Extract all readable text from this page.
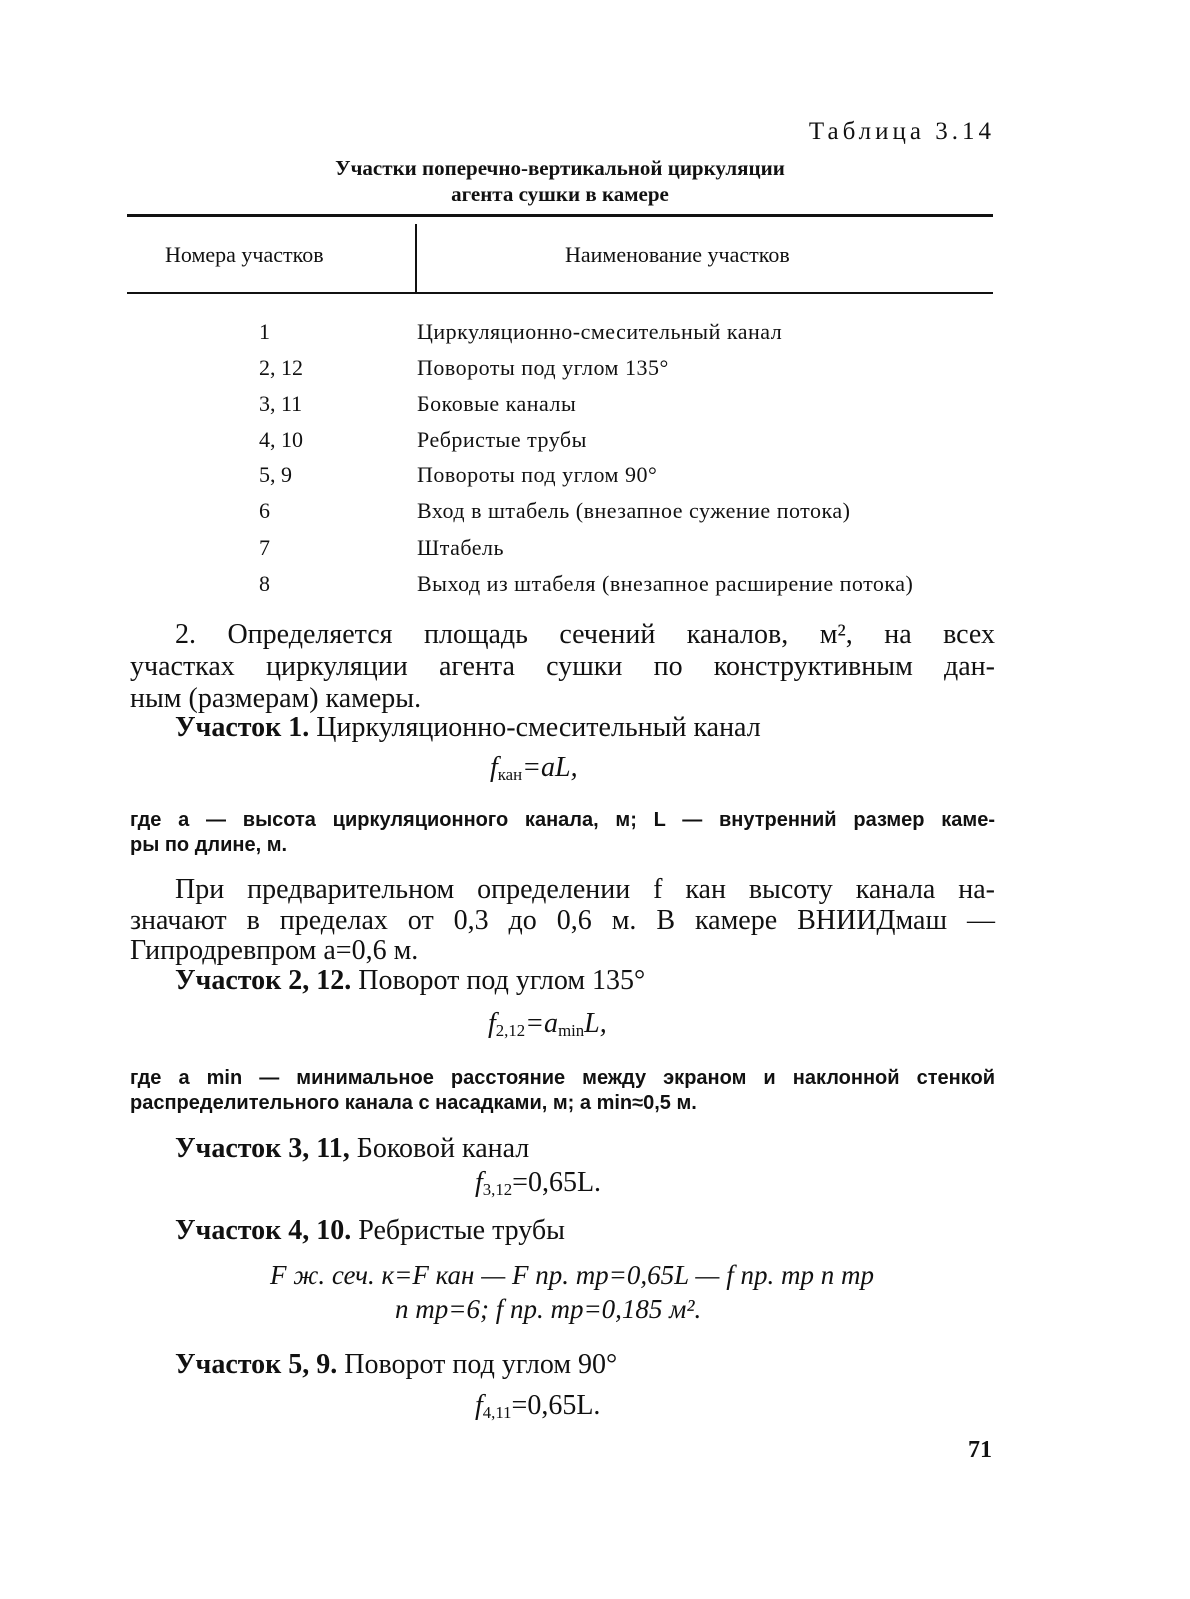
Таблица 3.14
Участки поперечно-вертикальной циркуляции
агента сушки в камере
Номера участков	Наименование участков
1	Циркуляционно-смесительный канал
2, 12	Повороты под углом 135°
3, 11	Боковые каналы
4, 10	Ребристые трубы
5, 9	Повороты под углом 90°
6	Вход в штабель (внезапное сужение потока)
7	Штабель
8	Выход из штабеля (внезапное расширение потока)
2. Определяется площадь сечений каналов, м², на всех
участках циркуляции агента сушки по конструктивным дан-
ным (размерам) камеры.
Участок 1. Циркуляционно-смесительный канал
$f_{кан}=aL$,
где a — высота циркуляционного канала, м; L — внутренний размер каме-
ры по длине, м.
При предварительном определении f кан высоту канала на-
значают в пределах от 0,3 до 0,6 м. В камере ВНИИДмаш —
Гипродревпром a=0,6 м.
Участок 2, 12. Поворот под углом 135°
$f_{2,12}=a_{min}L$,
где a min — минимальное расстояние между экраном и наклонной стенкой
распределительного канала с насадками, м; a min≈0,5 м.
Участок 3, 11, Боковой канал
$f_{3,12}=0,65L$.
Участок 4, 10. Ребристые трубы
F ж. сеч. к=F кан — F пр. тр=0,65L — f пр. тр n тр
n тр=6; f пр. тр=0,185 м².
Участок 5, 9. Поворот под углом 90°
$f_{4,11}=0,65L$.
71
